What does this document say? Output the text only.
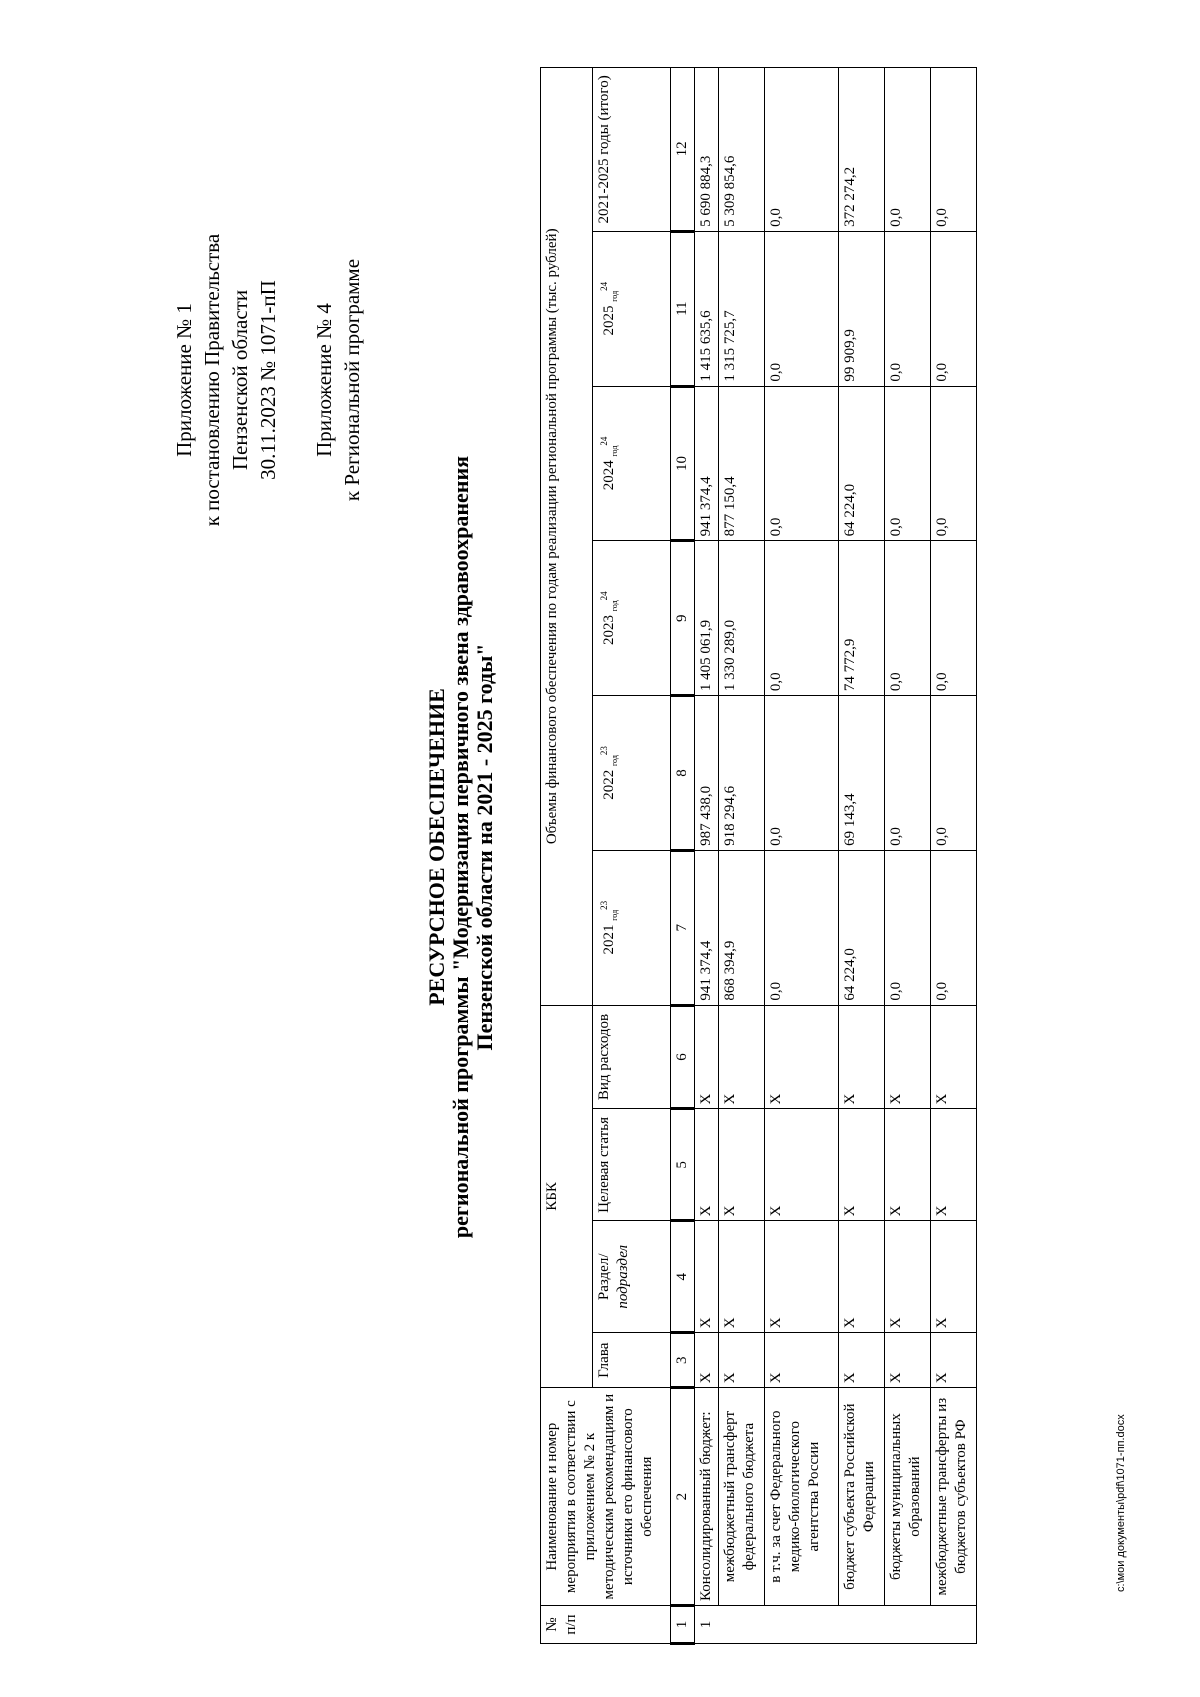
Приложение № 1 к постановлению Правительства Пензенской области 30.11.2023 № 1071-пП Приложение № 4 к Региональной программе
РЕСУРСНОЕ ОБЕСПЕЧЕНИЕ региональной программы "Модернизация первичного звена здравоохранения Пензенской области на 2021 - 2025 годы"
№ п/п	Наименование и номер мероприятия в соответствии с приложением № 2 к методическим рекомендациям и источники его финансового обеспечения	КБК				Объемы финансового обеспечения по годам реализации региональной программы (тыс. рублей)					
		Глава	Раздел/ подраздел	Целевая статья	Вид расходов	2021 $_{год}^{23}$	2022 $_{год}^{23}$	2023 $_{год}^{24}$	2024 $_{год}^{24}$	2025 $_{год}^{24}$	2021-2025 годы (итого)
1	2	3	4	5	6	7	8	9	10	11	12
1	Консолидированный бюджет:	Х	Х	Х	Х	941 374,4	987 438,0	1 405 061,9	941 374,4	1 415 635,6	5 690 884,3
	межбюджетный трансферт федерального бюджета	Х	Х	Х	Х	868 394,9	918 294,6	1 330 289,0	877 150,4	1 315 725,7	5 309 854,6
	в т.ч. за счет Федерального медико-биологического агентства России	Х	Х	Х	Х	0,0	0,0	0,0	0,0	0,0	0,0
	бюджет субъекта Российской Федерации	Х	Х	Х	Х	64 224,0	69 143,4	74 772,9	64 224,0	99 909,9	372 274,2
	бюджеты муниципальных образований	Х	Х	Х	Х	0,0	0,0	0,0	0,0	0,0	0,0
	межбюджетные трансферты из бюджетов субъектов РФ	Х	Х	Х	Х	0,0	0,0	0,0	0,0	0,0	0,0
c:\мои документы\pdf\1071-пп.docx
